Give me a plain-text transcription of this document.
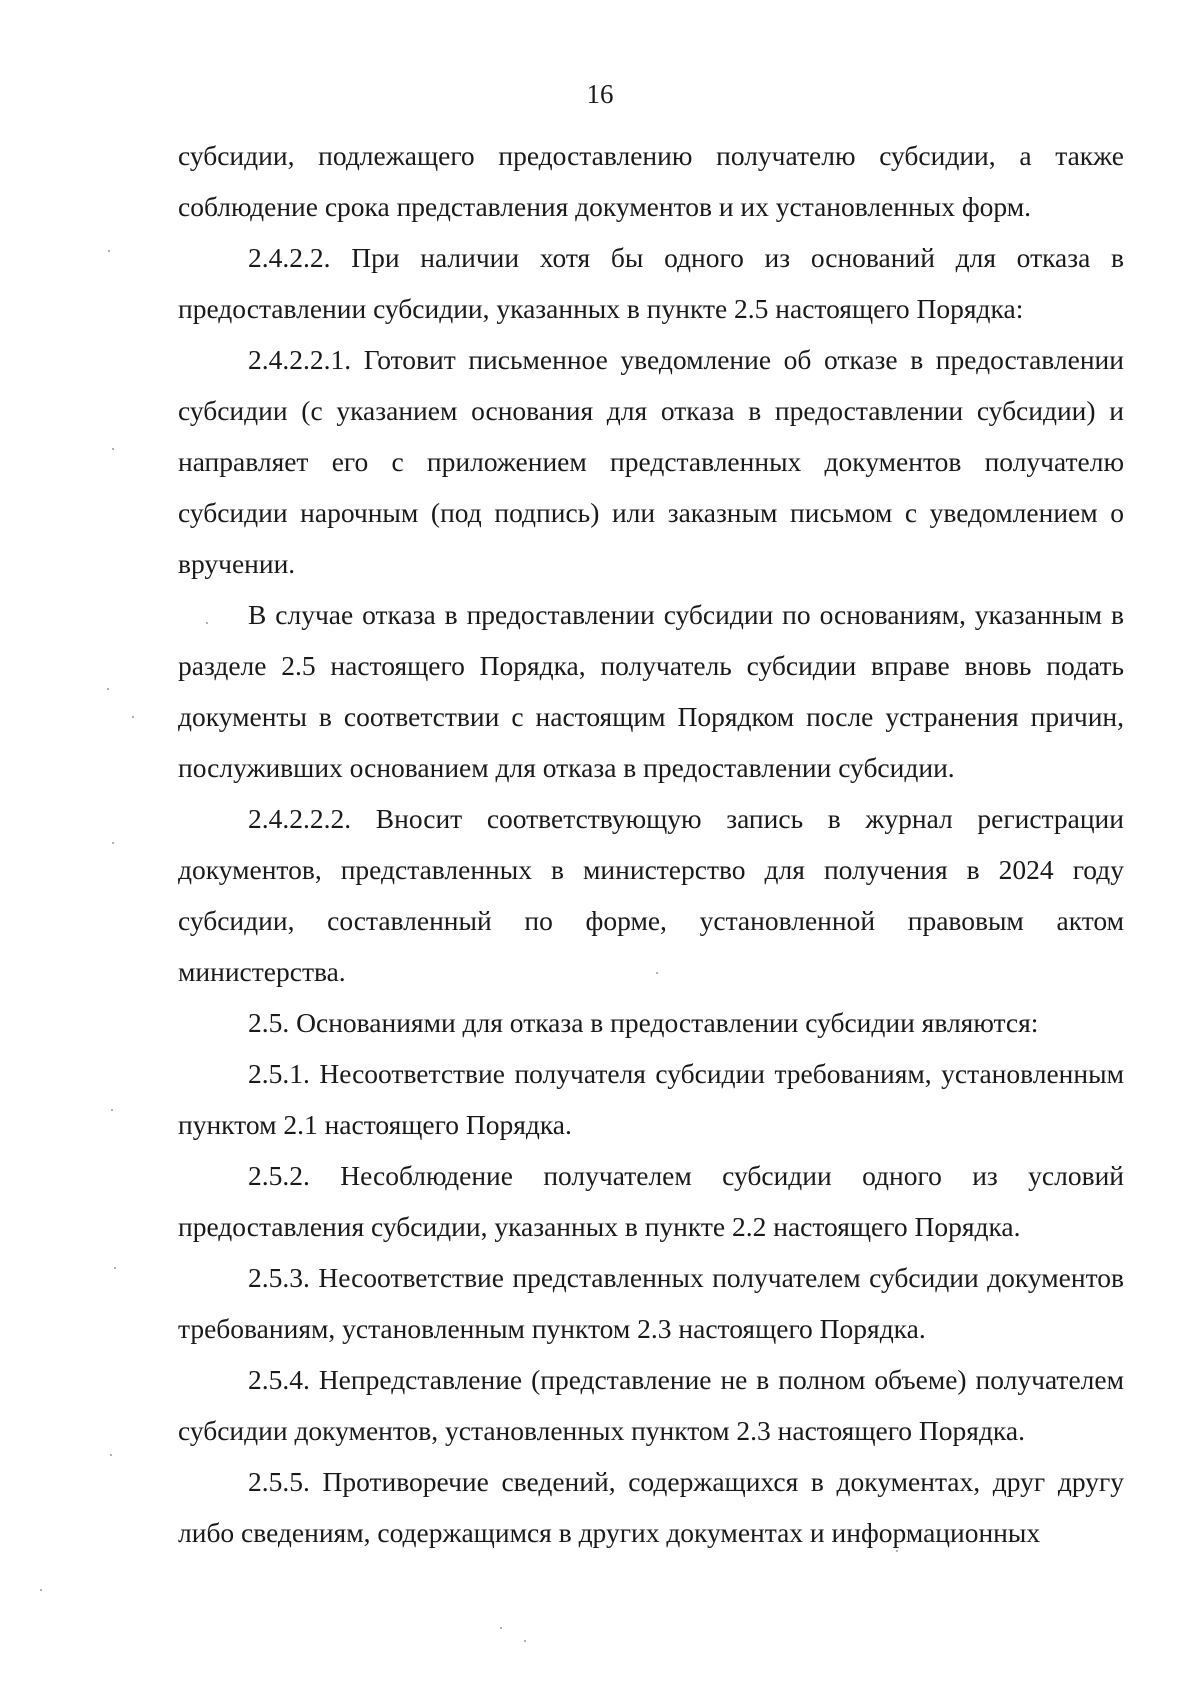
16

субсидии, подлежащего предоставлению получателю субсидии, а также соблюдение срока представления документов и их установленных форм.

2.4.2.2. При наличии хотя бы одного из оснований для отказа в предоставлении субсидии, указанных в пункте 2.5 настоящего Порядка:

2.4.2.2.1. Готовит письменное уведомление об отказе в предоставлении субсидии (с указанием основания для отказа в предоставлении субсидии) и направляет его с приложением представленных документов получателю субсидии нарочным (под подпись) или заказным письмом с уведомлением о вручении.

В случае отказа в предоставлении субсидии по основаниям, указанным в разделе 2.5 настоящего Порядка, получатель субсидии вправе вновь подать документы в соответствии с настоящим Порядком после устранения причин, послуживших основанием для отказа в предоставлении субсидии.

2.4.2.2.2. Вносит соответствующую запись в журнал регистрации документов, представленных в министерство для получения в 2024 году субсидии, составленный по форме, установленной правовым актом министерства.

2.5. Основаниями для отказа в предоставлении субсидии являются:

2.5.1. Несоответствие получателя субсидии требованиям, установленным пунктом 2.1 настоящего Порядка.

2.5.2. Несоблюдение получателем субсидии одного из условий предоставления субсидии, указанных в пункте 2.2 настоящего Порядка.

2.5.3. Несоответствие представленных получателем субсидии документов требованиям, установленным пунктом 2.3 настоящего Порядка.

2.5.4. Непредставление (представление не в полном объеме) получателем субсидии документов, установленных пунктом 2.3 настоящего Порядка.

2.5.5. Противоречие сведений, содержащихся в документах, друг другу либо сведениям, содержащимся в других документах и информационных
